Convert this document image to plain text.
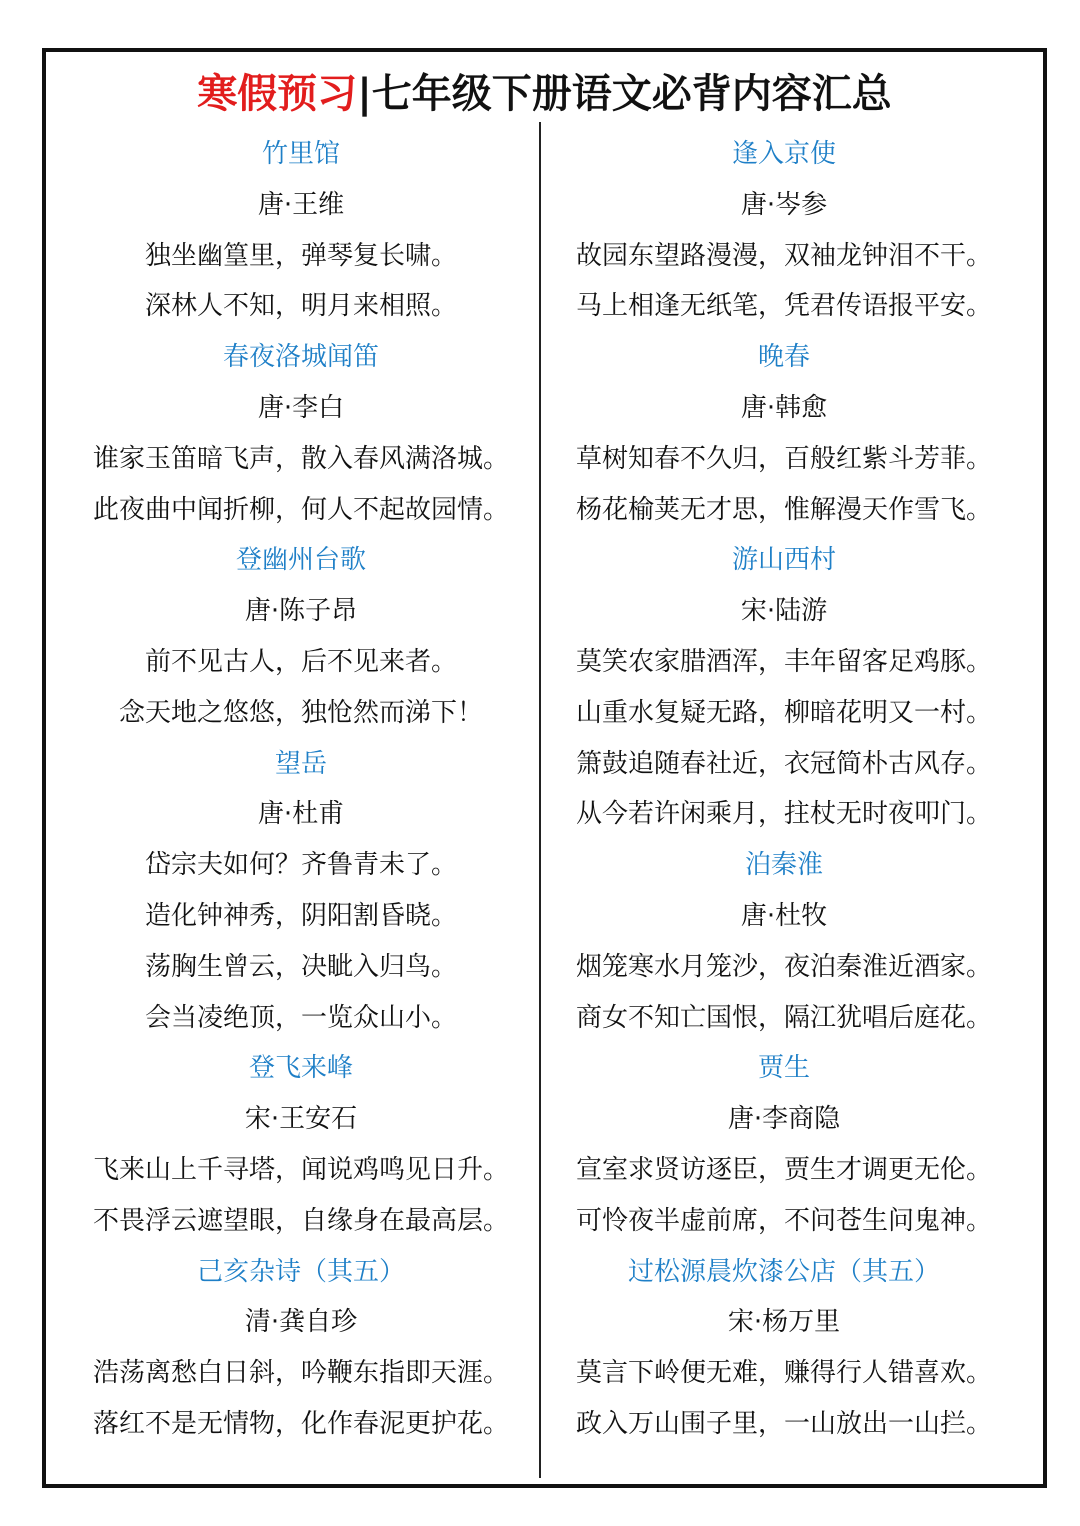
寒假预习|七年级下册语文必背内容汇总
竹里馆
唐·王维
独坐幽篁里，弹琴复长啸。
深林人不知，明月来相照。
春夜洛城闻笛
唐·李白
谁家玉笛暗飞声，散入春风满洛城。
此夜曲中闻折柳，何人不起故园情。
登幽州台歌
唐·陈子昂
前不见古人，后不见来者。
念天地之悠悠，独怆然而涕下！
望岳
唐·杜甫
岱宗夫如何？齐鲁青未了。
造化钟神秀，阴阳割昏晓。
荡胸生曾云，决眦入归鸟。
会当凌绝顶，一览众山小。
登飞来峰
宋·王安石
飞来山上千寻塔，闻说鸡鸣见日升。
不畏浮云遮望眼，自缘身在最高层。
己亥杂诗（其五）
清·龚自珍
浩荡离愁白日斜，吟鞭东指即天涯。
落红不是无情物，化作春泥更护花。
逢入京使
唐·岑参
故园东望路漫漫，双袖龙钟泪不干。
马上相逢无纸笔，凭君传语报平安。
晚春
唐·韩愈
草树知春不久归，百般红紫斗芳菲。
杨花榆荚无才思，惟解漫天作雪飞。
游山西村
宋·陆游
莫笑农家腊酒浑，丰年留客足鸡豚。
山重水复疑无路，柳暗花明又一村。
箫鼓追随春社近，衣冠简朴古风存。
从今若许闲乘月，拄杖无时夜叩门。
泊秦淮
唐·杜牧
烟笼寒水月笼沙，夜泊秦淮近酒家。
商女不知亡国恨，隔江犹唱后庭花。
贾生
唐·李商隐
宣室求贤访逐臣，贾生才调更无伦。
可怜夜半虚前席，不问苍生问鬼神。
过松源晨炊漆公店（其五）
宋·杨万里
莫言下岭便无难，赚得行人错喜欢。
政入万山围子里，一山放出一山拦。
